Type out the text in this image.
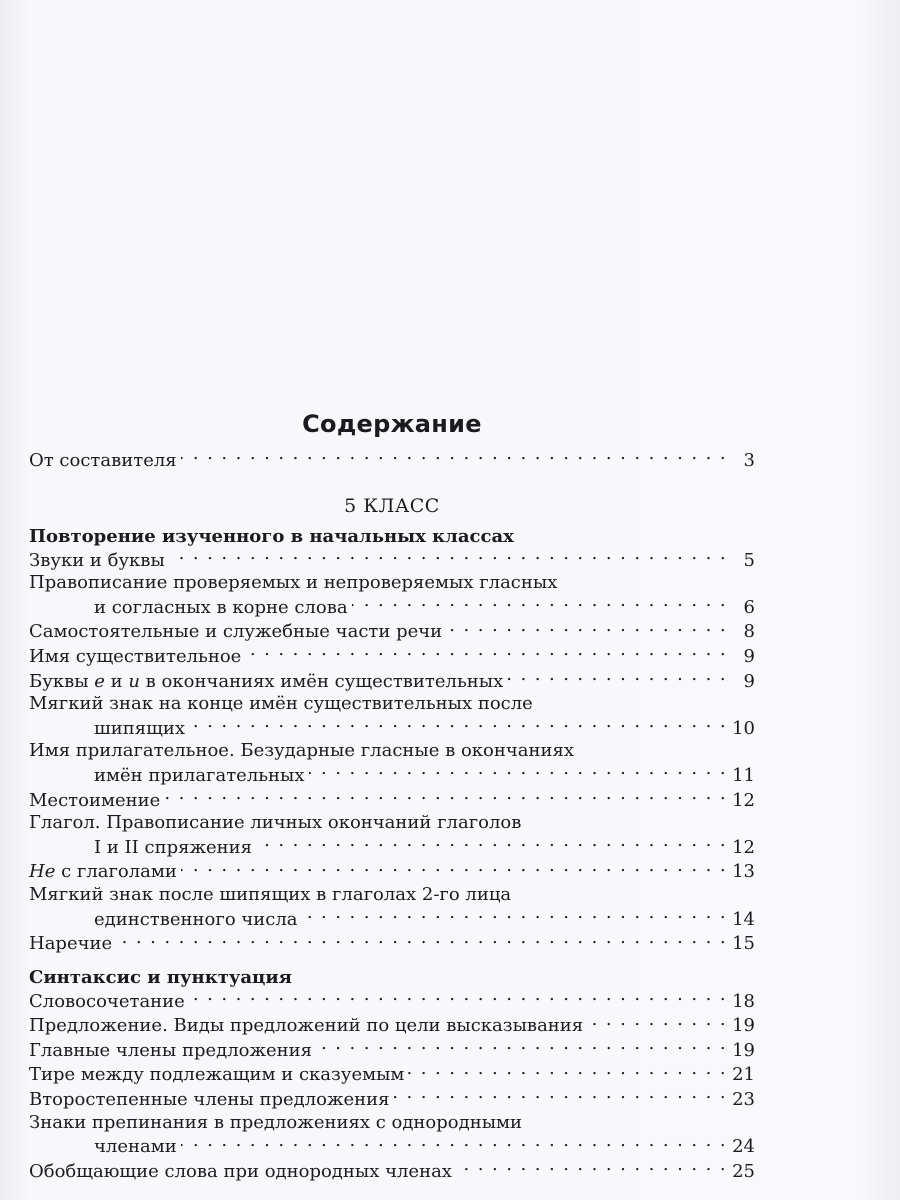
Содержание
От составителя . . .	3
5 КЛАСС
Повторение изученного в начальных классах
Звуки и буквы . . .	5
Правописание проверяемых и непроверяемых гласных
и согласных в корне слова . . .	6
Самостоятельные и служебные части речи . . .	8
Имя существительное . . .	9
Буквы е и и в окончаниях имён существительных . . .	9
Мягкий знак на конце имён существительных после
шипящих . . .	10
Имя прилагательное. Безударные гласные в окончаниях
имён прилагательных . . .	11
Местоимение . . .	12
Глагол. Правописание личных окончаний глаголов
I и II спряжения . . .	12
Не с глаголами . . .	13
Мягкий знак после шипящих в глаголах 2-го лица
единственного числа . . .	14
Наречие . . .	15
Синтаксис и пунктуация
Словосочетание . . .	18
Предложение. Виды предложений по цели высказывания . . .	19
Главные члены предложения . . .	19
Тире между подлежащим и сказуемым . . .	21
Второстепенные члены предложения . . .	23
Знаки препинания в предложениях с однородными
членами . . .	24
Обобщающие слова при однородных членах . . .	25
